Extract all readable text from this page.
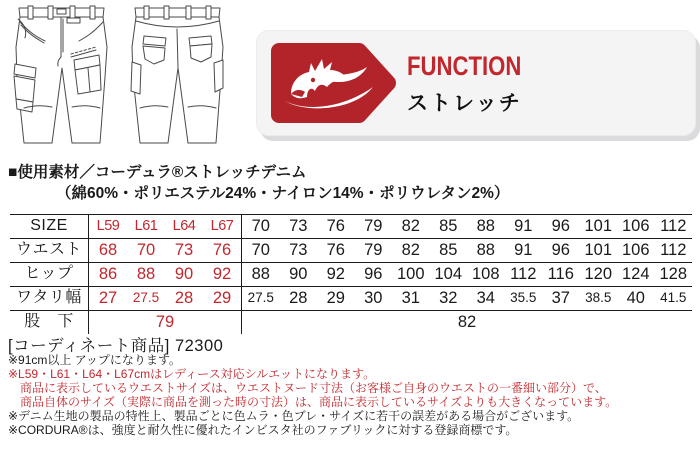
FUNCTION
ストレッチ
■使用素材／コーデュラ®ストレッチデニム
（綿60%・ポリエステル24%・ナイロン14%・ポリウレタン2%）
SIZE	L59	L61	L64	L67	70	73	76	79	82	85	88	91	96 101 106 112
ウエスト	68	70	73	76	70	73	76	79	82	85	88	91	96 101 106 112
ヒップ	86	88	90	92	88	90	92	96 100 104 108 112 116 120 124 128
ワタリ幅	27	27.5 28	29	27.5 28	29	30	31	32	34	35.5 37	38.5 40	41.5
股　下	79	82
[コーディネート商品] 72300
※91cm以上 アップになります。
※L59・L61・L64・L67cmはレディース対応シルエットになります。
商品に表示しているウエストサイズは、ウエストヌード寸法（お客様ご自身のウエストの一番細い部分）で、
商品自体のサイズ（実際に商品を測った時の寸法）は、商品に表示しているサイズよりも大きくなっています。
※デニム生地の製品の特性上、製品ごとに色ムラ・色ブレ・サイズに若干の誤差がある場合がございます。
※CORDURA®は、強度と耐久性に優れたインビスタ社のファブリックに対する登録商標です。
